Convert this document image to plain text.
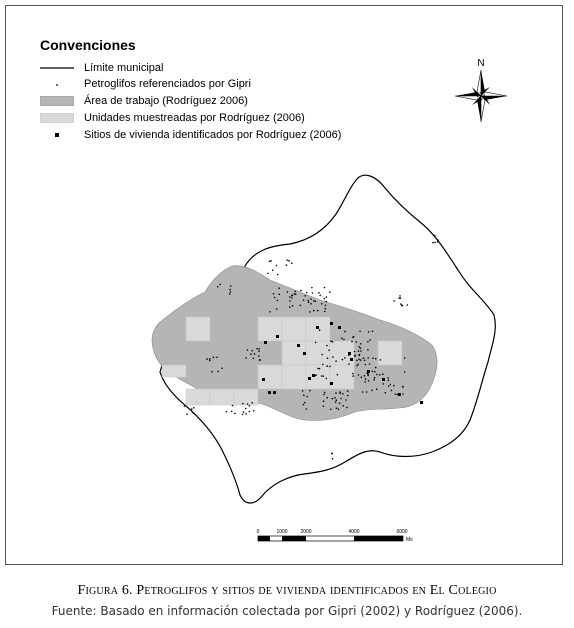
N
0	1000	2000	4000	6000
Ms
Convenciones
Límite municipal
Petroglifos referenciados por Gipri
Área de trabajo (Rodríguez 2006)
Unidades muestreadas por Rodríguez (2006)
Sitios de vivienda identificados por Rodríguez (2006)
Figura 6. Petroglifos y sitios de vivienda identificados en El Colegio
Fuente: Basado en información colectada por Gipri (2002) y Rodríguez (2006).
